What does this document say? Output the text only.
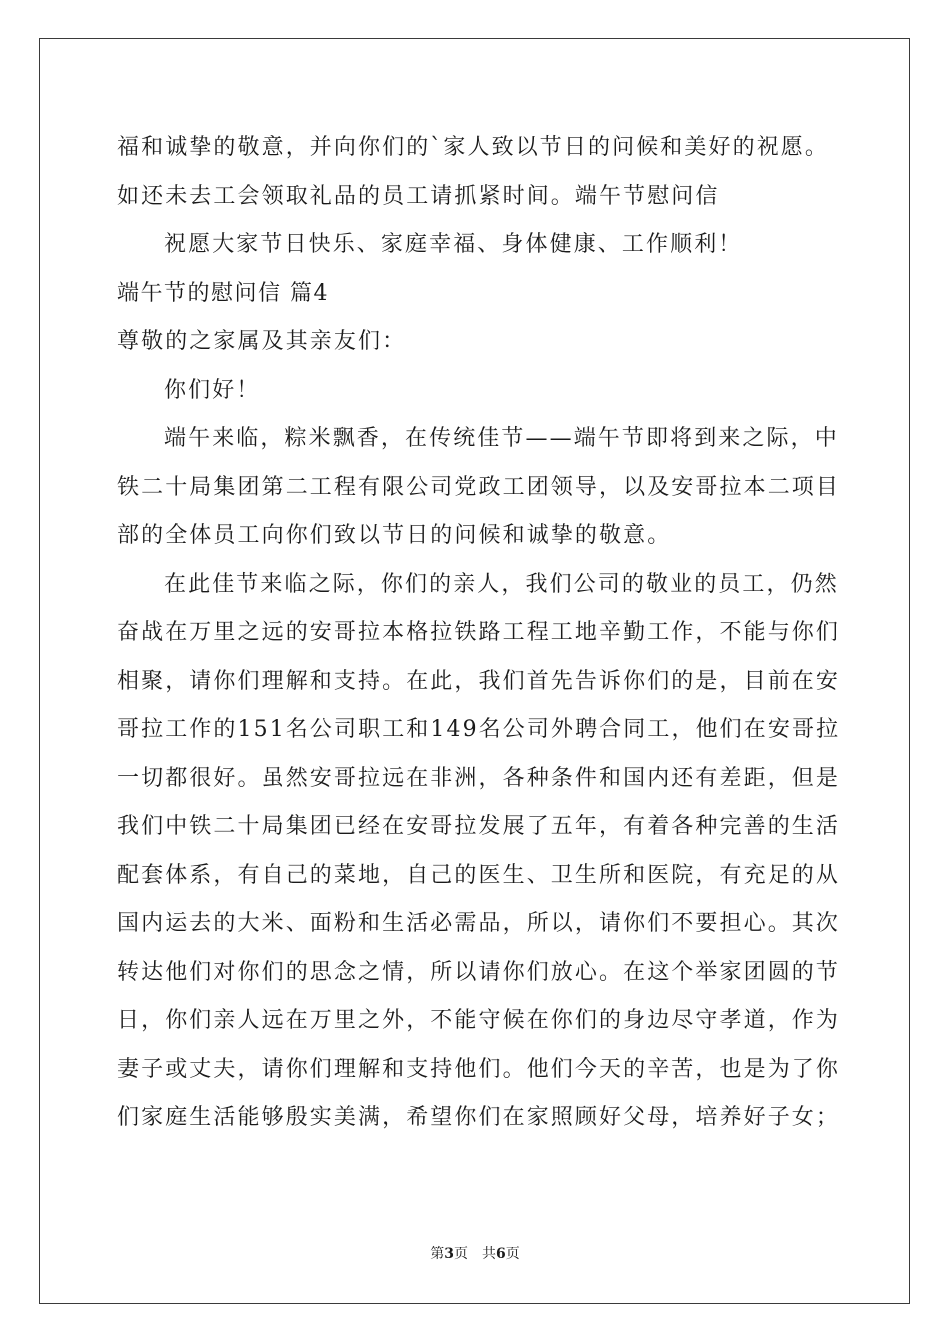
福和诚挚的敬意，并向你们的`家人致以节日的问候和美好的祝愿。
如还未去工会领取礼品的员工请抓紧时间。端午节慰问信
祝愿大家节日快乐、家庭幸福、身体健康、工作顺利！
端午节的慰问信 篇4
尊敬的之家属及其亲友们：
你们好！
端午来临，粽米飘香，在传统佳节——端午节即将到来之际，中
铁二十局集团第二工程有限公司党政工团领导，以及安哥拉本二项目
部的全体员工向你们致以节日的问候和诚挚的敬意。
在此佳节来临之际，你们的亲人，我们公司的敬业的员工，仍然
奋战在万里之远的安哥拉本格拉铁路工程工地辛勤工作，不能与你们
相聚，请你们理解和支持。在此，我们首先告诉你们的是，目前在安
哥拉工作的151名公司职工和149名公司外聘合同工，他们在安哥拉
一切都很好。虽然安哥拉远在非洲，各种条件和国内还有差距，但是
我们中铁二十局集团已经在安哥拉发展了五年，有着各种完善的生活
配套体系，有自己的菜地，自己的医生、卫生所和医院，有充足的从
国内运去的大米、面粉和生活必需品，所以，请你们不要担心。其次
转达他们对你们的思念之情，所以请你们放心。在这个举家团圆的节
日，你们亲人远在万里之外，不能守候在你们的身边尽守孝道，作为
妻子或丈夫，请你们理解和支持他们。他们今天的辛苦，也是为了你
们家庭生活能够殷实美满，希望你们在家照顾好父母，培养好子女；
第3页 共6页
